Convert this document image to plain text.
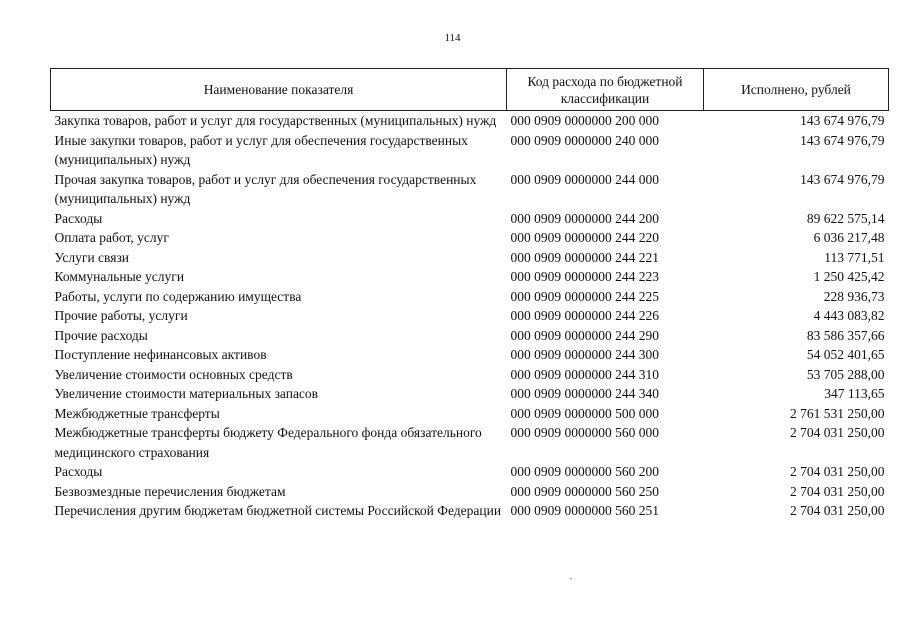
114
Наименование показателя	Код расхода по бюджетной классификации	Исполнено, рублей
Закупка товаров, работ и услуг для государственных (муниципальных) нужд	000 0909 0000000 200 000	143 674 976,79
Иные закупки товаров, работ и услуг для обеспечения государственных (муниципальных) нужд	000 0909 0000000 240 000	143 674 976,79
Прочая закупка товаров, работ и услуг для обеспечения государственных (муниципальных) нужд	000 0909 0000000 244 000	143 674 976,79
Расходы	000 0909 0000000 244 200	89 622 575,14
Оплата работ, услуг	000 0909 0000000 244 220	6 036 217,48
Услуги связи	000 0909 0000000 244 221	113 771,51
Коммунальные услуги	000 0909 0000000 244 223	1 250 425,42
Работы, услуги по содержанию имущества	000 0909 0000000 244 225	228 936,73
Прочие работы, услуги	000 0909 0000000 244 226	4 443 083,82
Прочие расходы	000 0909 0000000 244 290	83 586 357,66
Поступление нефинансовых активов	000 0909 0000000 244 300	54 052 401,65
Увеличение стоимости основных средств	000 0909 0000000 244 310	53 705 288,00
Увеличение стоимости материальных запасов	000 0909 0000000 244 340	347 113,65
Межбюджетные трансферты	000 0909 0000000 500 000	2 761 531 250,00
Межбюджетные трансферты бюджету Федерального фонда обязательного медицинского страхования	000 0909 0000000 560 000	2 704 031 250,00
Расходы	000 0909 0000000 560 200	2 704 031 250,00
Безвозмездные перечисления бюджетам	000 0909 0000000 560 250	2 704 031 250,00
Перечисления другим бюджетам бюджетной системы Российской Федерации	000 0909 0000000 560 251	2 704 031 250,00
